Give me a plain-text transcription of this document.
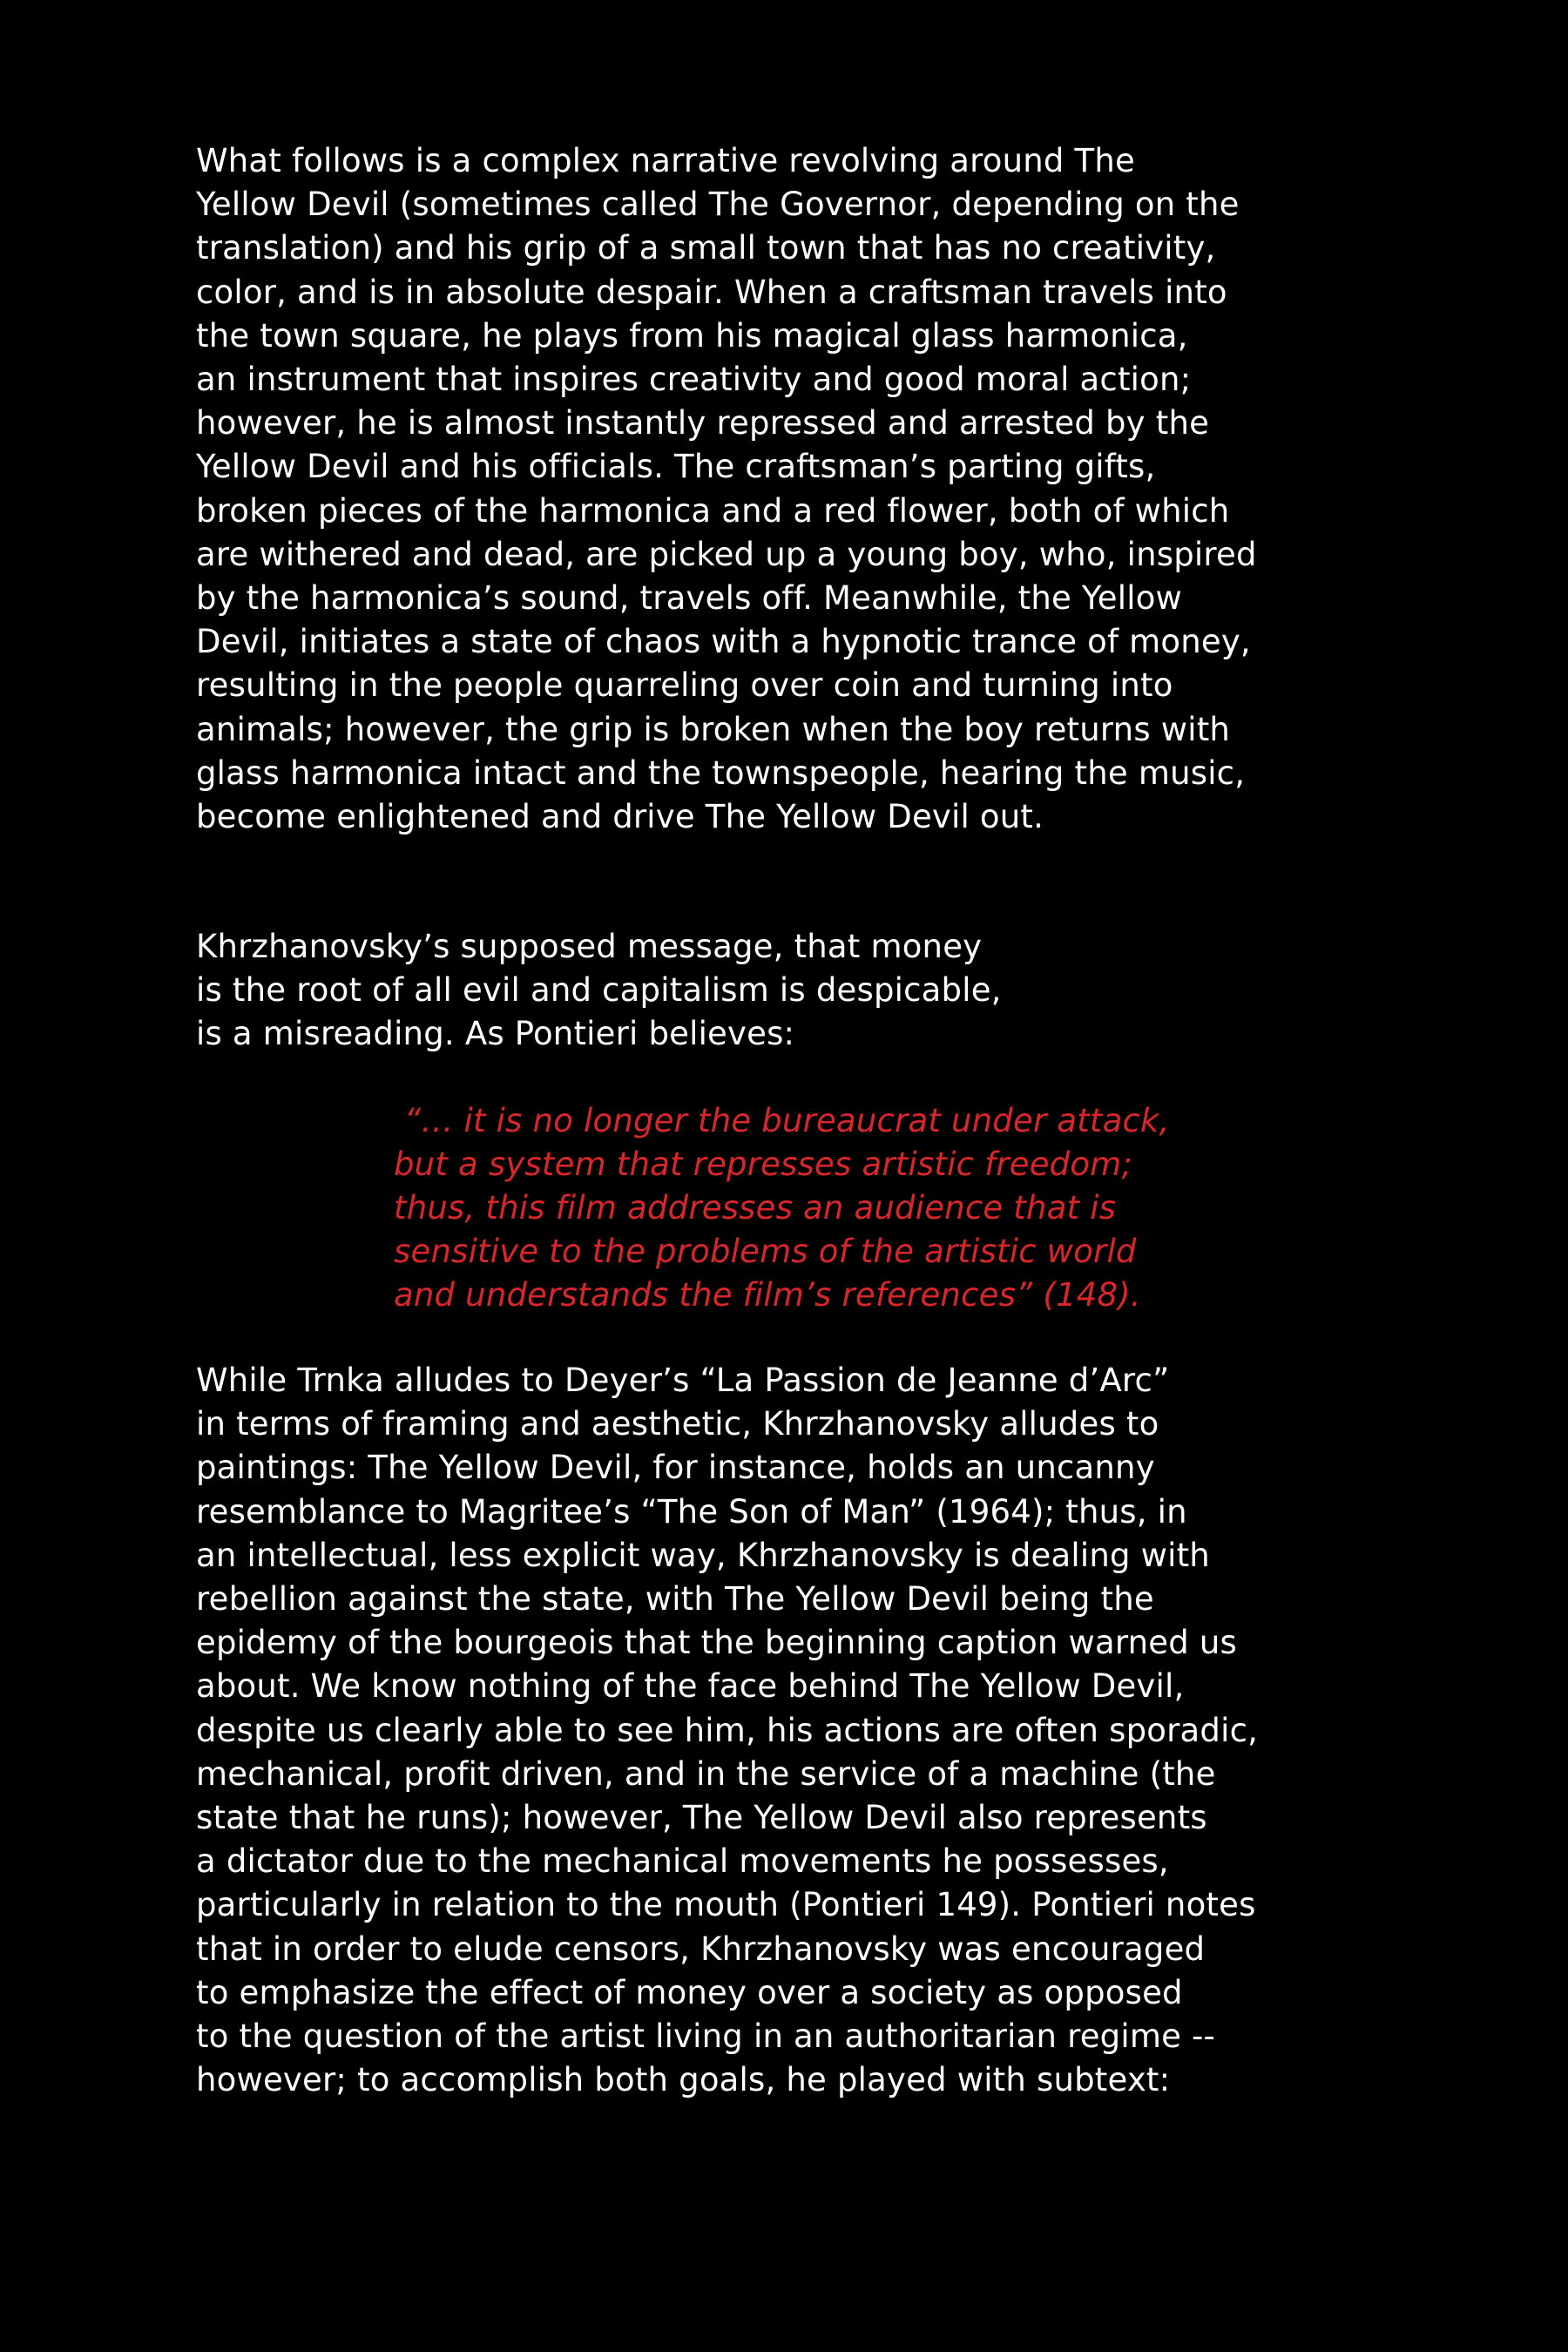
What follows is a complex narrative revolving around The
Yellow Devil (sometimes called The Governor, depending on the
translation) and his grip of a small town that has no creativity,
color, and is in absolute despair. When a craftsman travels into
the town square, he plays from his magical glass harmonica,
an instrument that inspires creativity and good moral action;
however, he is almost instantly repressed and arrested by the
Yellow Devil and his officials. The craftsman’s parting gifts,
broken pieces of the harmonica and a red flower, both of which
are withered and dead, are picked up a young boy, who, inspired
by the harmonica’s sound, travels off. Meanwhile, the Yellow
Devil, initiates a state of chaos with a hypnotic trance of money,
resulting in the people quarreling over coin and turning into
animals; however, the grip is broken when the boy returns with
glass harmonica intact and the townspeople, hearing the music,
become enlightened and drive The Yellow Devil out.
Khrzhanovsky’s supposed message, that money
is the root of all evil and capitalism is despicable,
is a misreading. As Pontieri believes:
“… it is no longer the bureaucrat under attack,
but a system that represses artistic freedom;
thus, this film addresses an audience that is
sensitive to the problems of the artistic world
and understands the film’s references” (148).
While Trnka alludes to Deyer’s “La Passion de Jeanne d’Arc”
in terms of framing and aesthetic, Khrzhanovsky alludes to
paintings: The Yellow Devil, for instance, holds an uncanny
resemblance to Magritee’s “The Son of Man” (1964); thus, in
an intellectual, less explicit way, Khrzhanovsky is dealing with
rebellion against the state, with The Yellow Devil being the
epidemy of the bourgeois that the beginning caption warned us
about. We know nothing of the face behind The Yellow Devil,
despite us clearly able to see him, his actions are often sporadic,
mechanical, profit driven, and in the service of a machine (the
state that he runs); however, The Yellow Devil also represents
a dictator due to the mechanical movements he possesses,
particularly in relation to the mouth (Pontieri 149). Pontieri notes
that in order to elude censors, Khrzhanovsky was encouraged
to emphasize the effect of money over a society as opposed
to the question of the artist living in an authoritarian regime --
however; to accomplish both goals, he played with subtext:
